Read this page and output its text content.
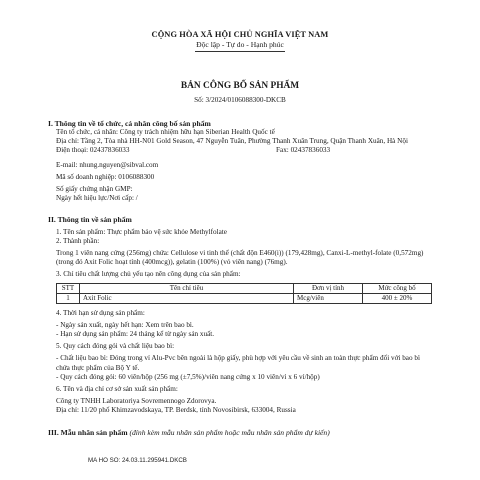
CỘNG HÒA XÃ HỘI CHỦ NGHĨA VIỆT NAM
Độc lập - Tự do - Hạnh phúc
BẢN CÔNG BỐ SẢN PHẨM
Số: 3/2024/0106088300-DKCB
I. Thông tin về tổ chức, cá nhân công bố sản phẩm
Tên tổ chức, cá nhân: Công ty trách nhiệm hữu hạn Siberian Health Quốc tế
Địa chỉ: Tầng 2, Tòa nhà HH-N01 Gold Season, 47 Nguyễn Tuân, Phường Thanh Xuân Trung, Quận Thanh Xuân, Hà Nội
Điện thoại: 02437836033	Fax: 02437836033
E-mail: nhung.nguyen@sibval.com
Mã số doanh nghiệp: 0106088300
Số giấy chứng nhận GMP:
Ngày hết hiệu lực/Nơi cấp: /
II. Thông tin về sản phẩm
1. Tên sản phẩm: Thực phẩm bảo vệ sức khỏe Methylfolate
2. Thành phần:
Trong 1 viên nang cứng (256mg) chứa: Cellulose vi tinh thể (chất độn E460(i)) (179,428mg), Canxi-L-methyl-folate (0,572mg) (trong đó Axit Folic hoạt tính (400mcg)), gelatin (100%) (vỏ viên nang) (76mg).
3. Chỉ tiêu chất lượng chủ yếu tạo nên công dụng của sản phẩm:
STT	Tên chỉ tiêu	Đơn vị tính	Mức công bố
1	Axit Folic	Mcg/viên	400 ± 20%
4. Thời hạn sử dụng sản phẩm:
- Ngày sản xuất, ngày hết hạn: Xem trên bao bì.
- Hạn sử dụng sản phẩm: 24 tháng kể từ ngày sản xuất.
5. Quy cách đóng gói và chất liệu bao bì:
- Chất liệu bao bì: Đóng trong vỉ Alu-Pvc bên ngoài là hộp giấy, phù hợp với yêu cầu về sinh an toàn thực phẩm đối với bao bì chứa thực phẩm của Bộ Y tế.
- Quy cách đóng gói: 60 viên/hộp (256 mg (±7,5%)/viên nang cứng x 10 viên/vỉ x 6 vỉ/hộp)
6. Tên và địa chỉ cơ sở sản xuất sản phẩm:
Công ty TNHH Laboratoriya Sovremennogo Zdorovya.
Địa chỉ: 11/20 phố Khimzavodskaya, TP. Berdsk, tỉnh Novosibirsk, 633004, Russia
III. Mẫu nhãn sản phẩm (đính kèm mẫu nhãn sản phẩm hoặc mẫu nhãn sản phẩm dự kiến)
MA HO SO: 24.03.11.295941.DKCB
